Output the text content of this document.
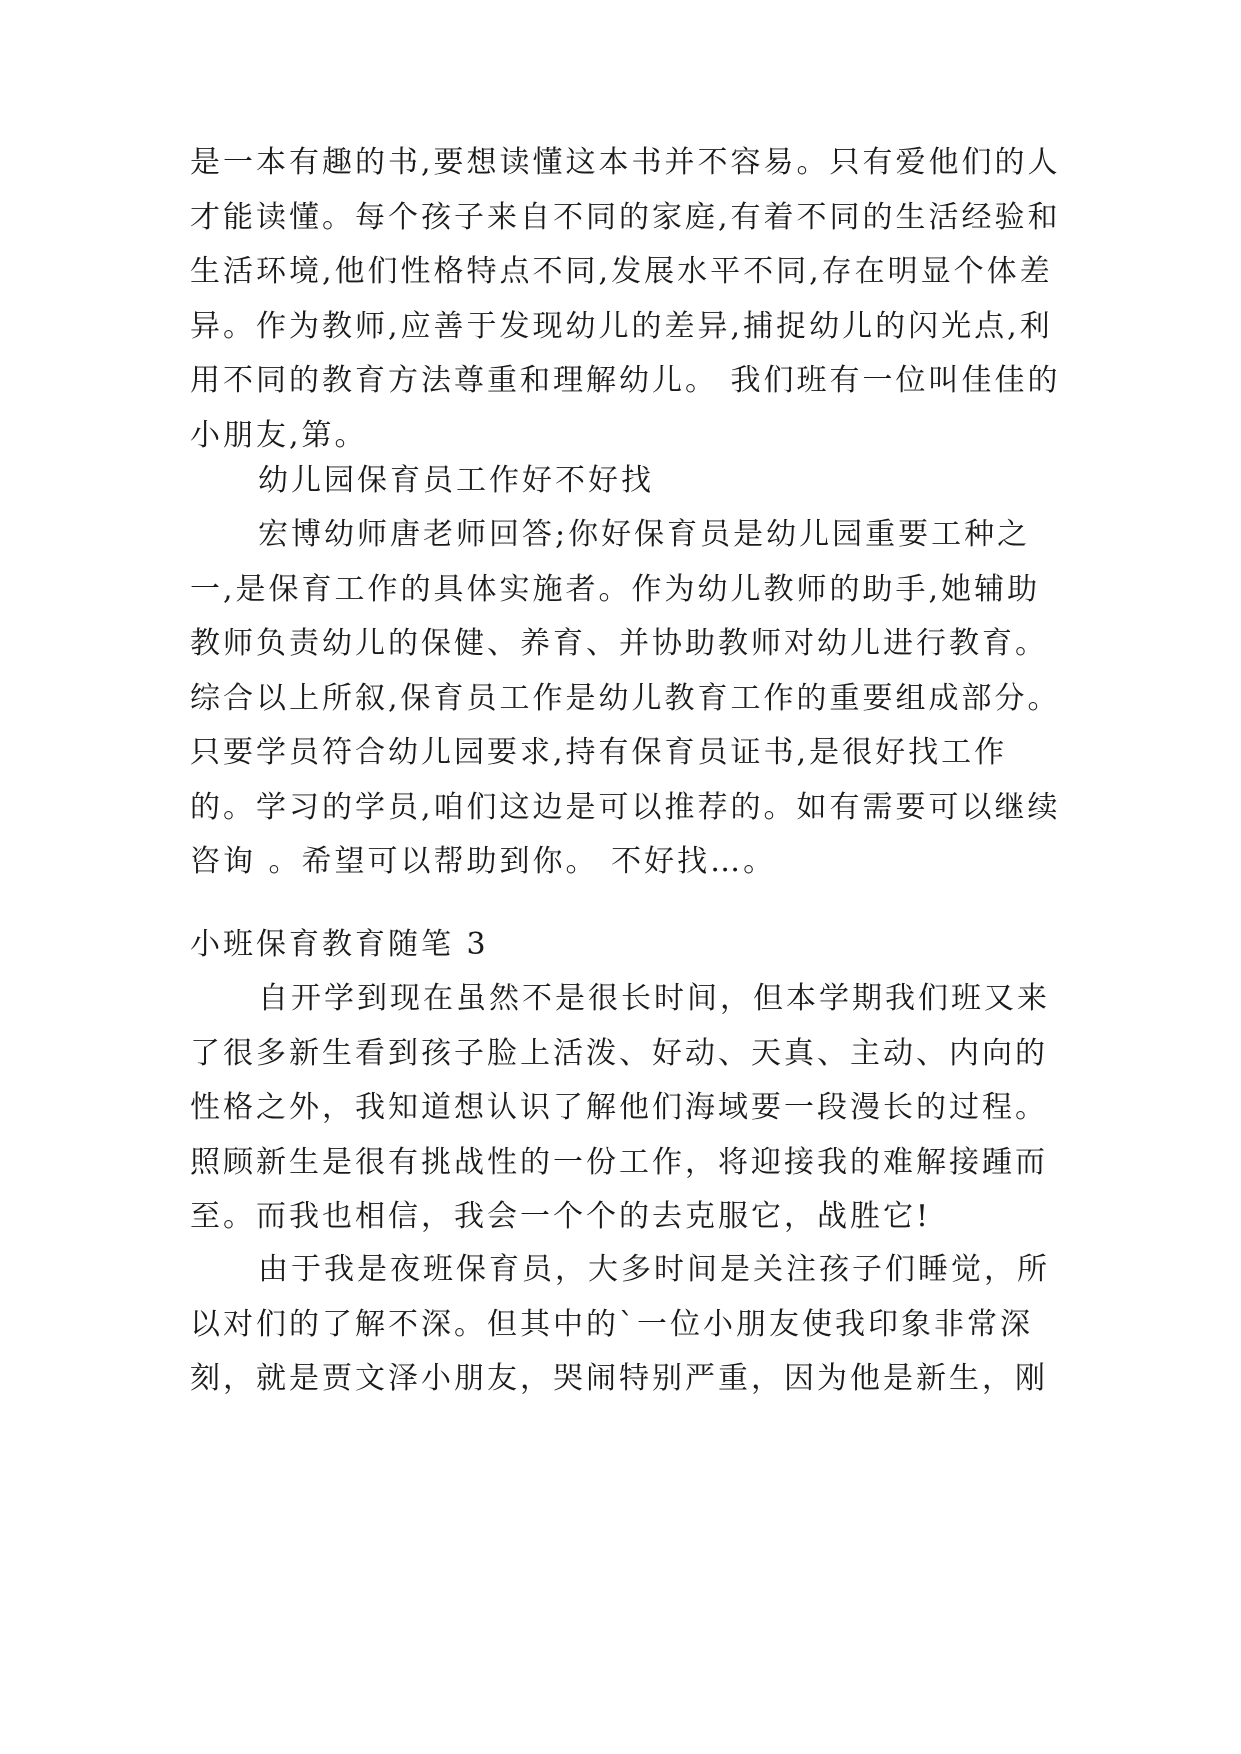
是一本有趣的书,要想读懂这本书并不容易。只有爱他们的人才能读懂。每个孩子来自不同的家庭,有着不同的生活经验和生活环境,他们性格特点不同,发展水平不同,存在明显个体差异。作为教师,应善于发现幼儿的差异,捕捉幼儿的闪光点,利用不同的教育方法尊重和理解幼儿。 我们班有一位叫佳佳的小朋友,第。

幼儿园保育员工作好不好找

宏博幼师唐老师回答;你好保育员是幼儿园重要工种之一,是保育工作的具体实施者。作为幼儿教师的助手,她辅助教师负责幼儿的保健、养育、并协助教师对幼儿进行教育。综合以上所叙,保育员工作是幼儿教育工作的重要组成部分。只要学员符合幼儿园要求,持有保育员证书,是很好找工作的。学习的学员,咱们这边是可以推荐的。如有需要可以继续咨询 。希望可以帮助到你。 不好找…。

小班保育教育随笔 3

自开学到现在虽然不是很长时间，但本学期我们班又来了很多新生看到孩子脸上活泼、好动、天真、主动、内向的性格之外，我知道想认识了解他们海域要一段漫长的过程。照顾新生是很有挑战性的一份工作，将迎接我的难解接踵而至。而我也相信，我会一个个的去克服它，战胜它!

由于我是夜班保育员，大多时间是关注孩子们睡觉，所以对们的了解不深。但其中的`一位小朋友使我印象非常深刻，就是贾文泽小朋友，哭闹特别严重，因为他是新生，刚
